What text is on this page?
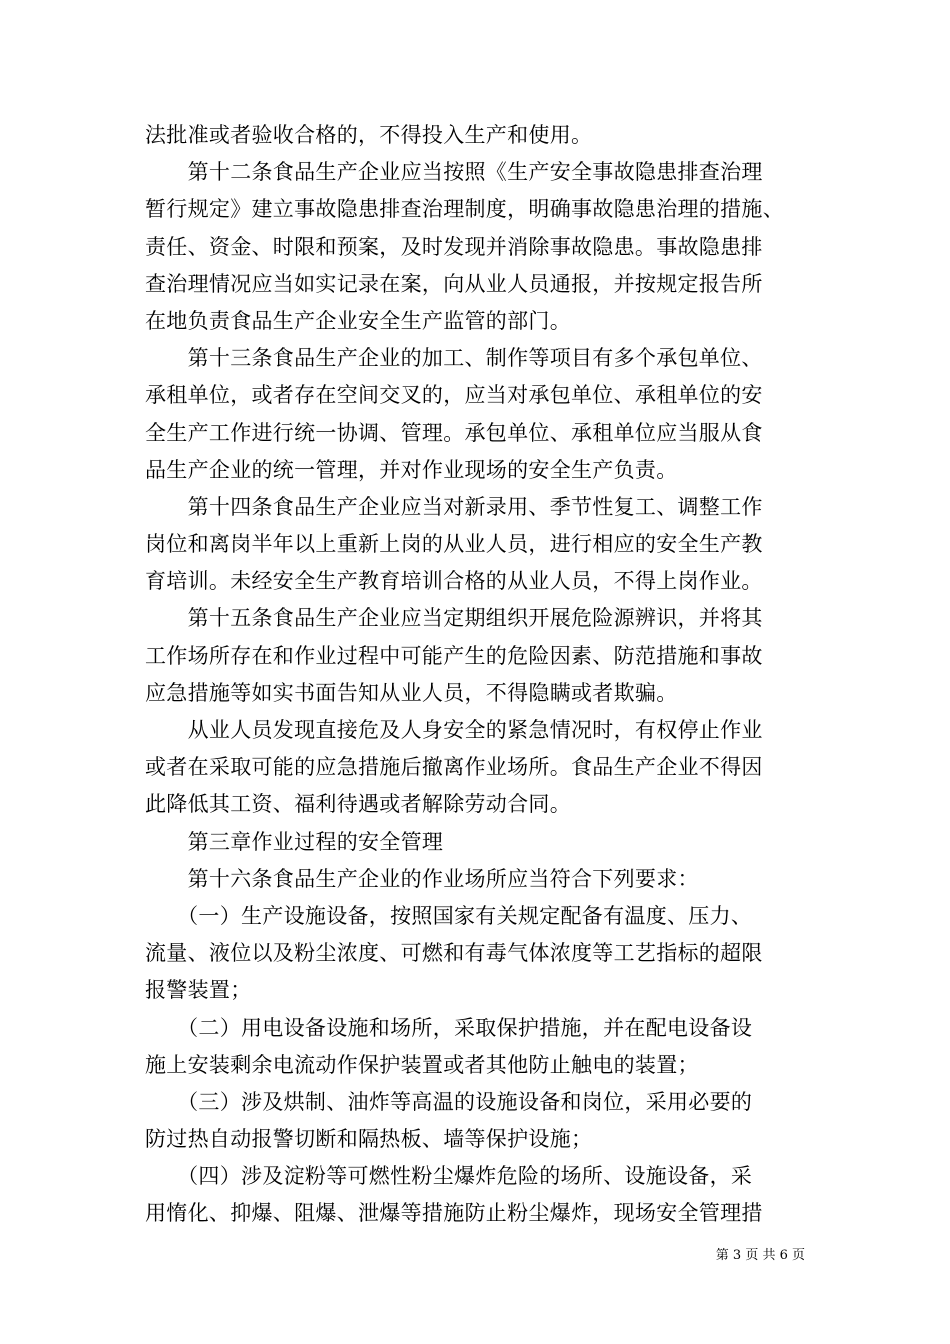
法批准或者验收合格的，不得投入生产和使用。
　　第十二条食品生产企业应当按照《生产安全事故隐患排查治理
暂行规定》建立事故隐患排查治理制度，明确事故隐患治理的措施、
责任、资金、时限和预案，及时发现并消除事故隐患。事故隐患排
查治理情况应当如实记录在案，向从业人员通报，并按规定报告所
在地负责食品生产企业安全生产监管的部门。
　　第十三条食品生产企业的加工、制作等项目有多个承包单位、
承租单位，或者存在空间交叉的，应当对承包单位、承租单位的安
全生产工作进行统一协调、管理。承包单位、承租单位应当服从食
品生产企业的统一管理，并对作业现场的安全生产负责。
　　第十四条食品生产企业应当对新录用、季节性复工、调整工作
岗位和离岗半年以上重新上岗的从业人员，进行相应的安全生产教
育培训。未经安全生产教育培训合格的从业人员，不得上岗作业。
　　第十五条食品生产企业应当定期组织开展危险源辨识，并将其
工作场所存在和作业过程中可能产生的危险因素、防范措施和事故
应急措施等如实书面告知从业人员，不得隐瞒或者欺骗。
　　从业人员发现直接危及人身安全的紧急情况时，有权停止作业
或者在采取可能的应急措施后撤离作业场所。食品生产企业不得因
此降低其工资、福利待遇或者解除劳动合同。
　　第三章作业过程的安全管理
　　第十六条食品生产企业的作业场所应当符合下列要求：
　　（一）生产设施设备，按照国家有关规定配备有温度、压力、
流量、液位以及粉尘浓度、可燃和有毒气体浓度等工艺指标的超限
报警装置；
　　（二）用电设备设施和场所，采取保护措施，并在配电设备设
施上安装剩余电流动作保护装置或者其他防止触电的装置；
　　（三）涉及烘制、油炸等高温的设施设备和岗位，采用必要的
防过热自动报警切断和隔热板、墙等保护设施；
　　（四）涉及淀粉等可燃性粉尘爆炸危险的场所、设施设备，采
用惰化、抑爆、阻爆、泄爆等措施防止粉尘爆炸，现场安全管理措
第 3 页 共 6 页
